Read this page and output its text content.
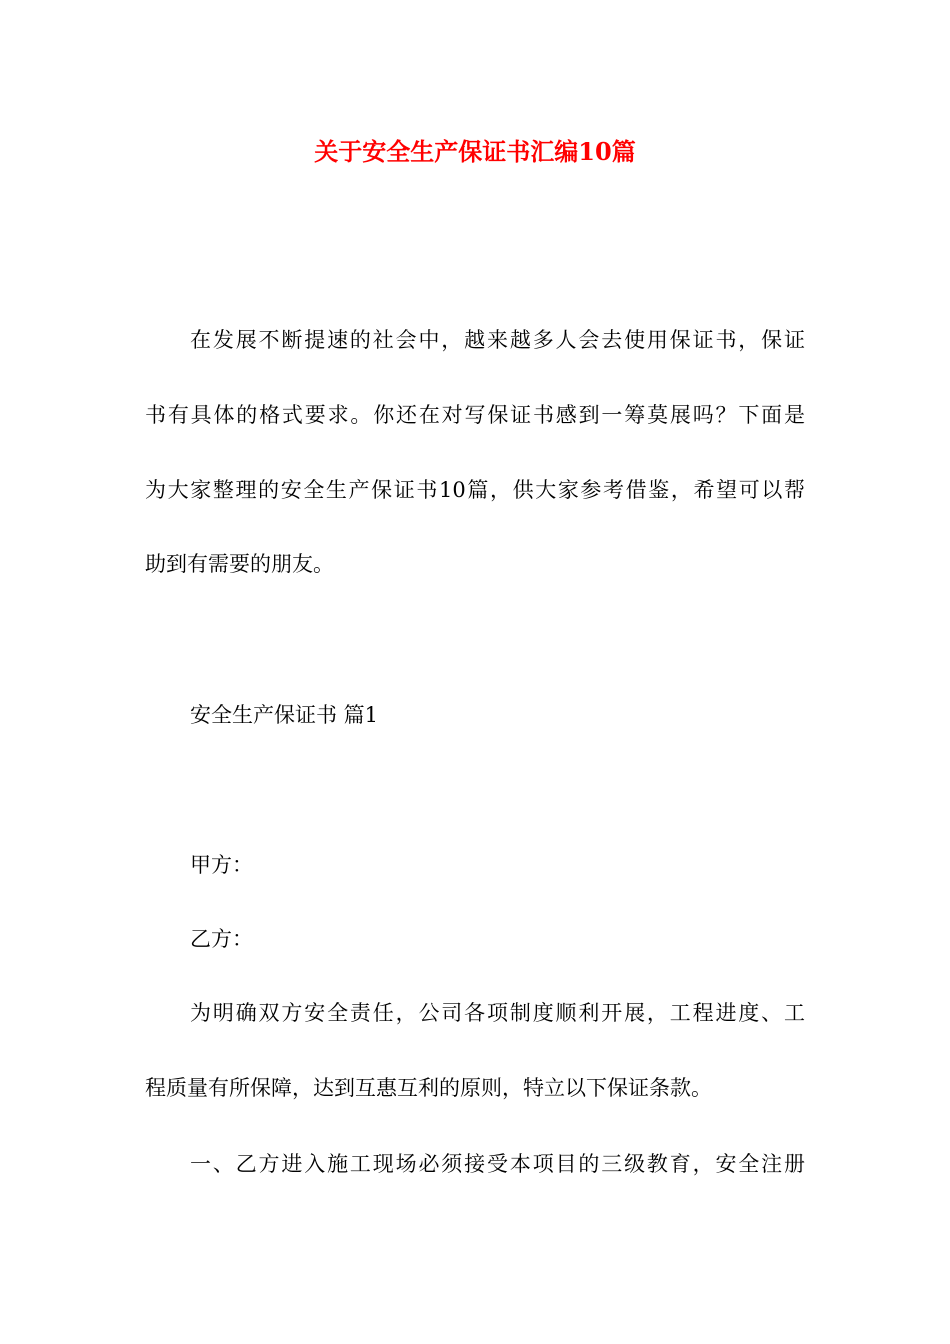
关于安全生产保证书汇编10篇

在发展不断提速的社会中，越来越多人会去使用保证书，保证

书有具体的格式要求。你还在对写保证书感到一筹莫展吗？下面是

为大家整理的安全生产保证书10篇，供大家参考借鉴，希望可以帮

助到有需要的朋友。

安全生产保证书 篇1

甲方：

乙方：

为明确双方安全责任，公司各项制度顺利开展，工程进度、工

程质量有所保障，达到互惠互利的原则，特立以下保证条款。

一、乙方进入施工现场必须接受本项目的三级教育，安全注册
